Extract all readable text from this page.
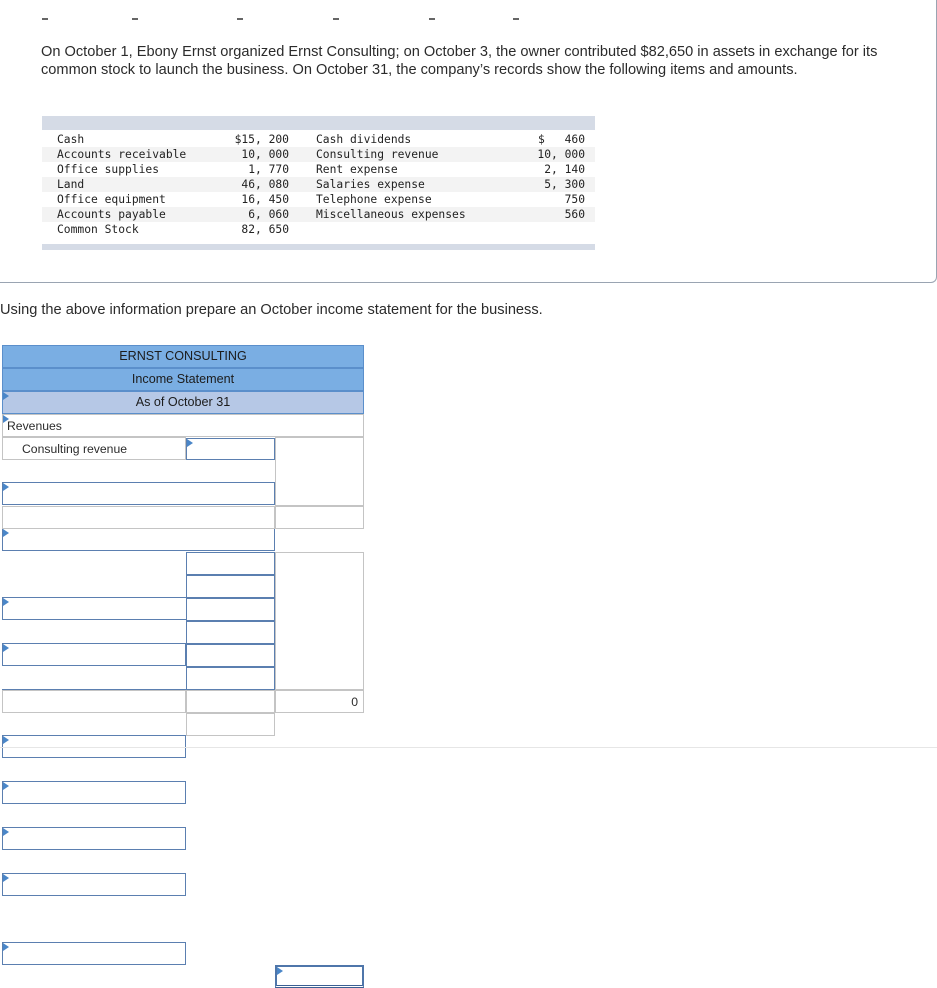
On October 1, Ebony Ernst organized Ernst Consulting; on October 3, the owner contributed $82,650 in assets in exchange for its common stock to launch the business. On October 31, the company’s records show the following items and amounts.
Cash	$15, 200 Cash dividends	$ 460
Accounts receivable	10, 000 Consulting revenue	10, 000
Office supplies	1, 770 Rent expense	2, 140
Land	46, 080 Salaries expense	5, 300
Office equipment	16, 450 Telephone expense	750
Accounts payable	6, 060 Miscellaneous expenses	560
Common Stock	82, 650
Using the above information prepare an October income statement for the business.
ERNST CONSULTING
Income Statement
As of October 31
Revenues
Consulting revenue
0
